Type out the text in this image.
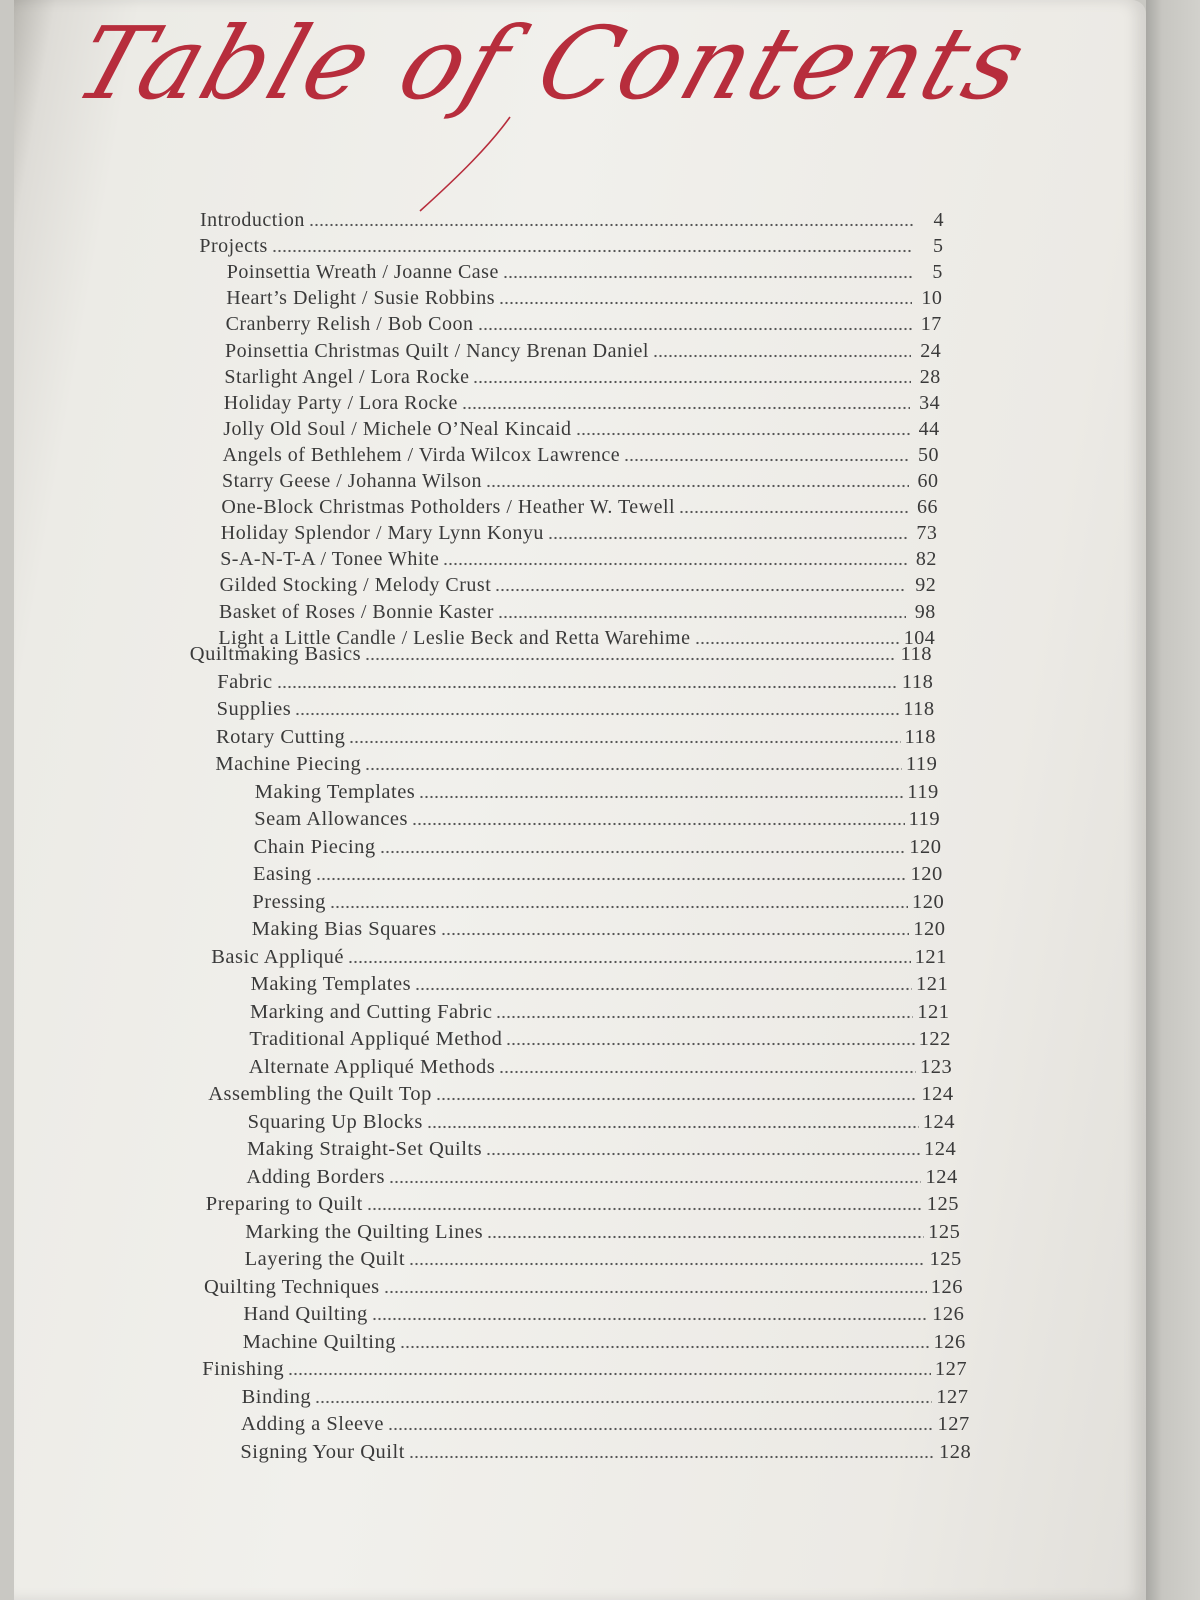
Table of Contents
Introduction	4
Projects	5
Poinsettia Wreath / Joanne Case	5
Heart’s Delight / Susie Robbins	10
Cranberry Relish / Bob Coon	17
Poinsettia Christmas Quilt / Nancy Brenan Daniel	24
Starlight Angel / Lora Rocke	28
Holiday Party / Lora Rocke	34
Jolly Old Soul / Michele O’Neal Kincaid	44
Angels of Bethlehem / Virda Wilcox Lawrence	50
Starry Geese / Johanna Wilson	60
One-Block Christmas Potholders / Heather W. Tewell	66
Holiday Splendor / Mary Lynn Konyu	73
S-A-N-T-A / Tonee White	82
Gilded Stocking / Melody Crust	92
Basket of Roses / Bonnie Kaster	98
Light a Little Candle / Leslie Beck and Retta Warehime	104
Quiltmaking Basics	118
Fabric	118
Supplies	118
Rotary Cutting	118
Machine Piecing	119
Making Templates	119
Seam Allowances	119
Chain Piecing	120
Easing	120
Pressing	120
Making Bias Squares	120
Basic Appliqué	121
Making Templates	121
Marking and Cutting Fabric	121
Traditional Appliqué Method	122
Alternate Appliqué Methods	123
Assembling the Quilt Top	124
Squaring Up Blocks	124
Making Straight-Set Quilts	124
Adding Borders	124
Preparing to Quilt	125
Marking the Quilting Lines	125
Layering the Quilt	125
Quilting Techniques	126
Hand Quilting	126
Machine Quilting	126
Finishing	127
Binding	127
Adding a Sleeve	127
Signing Your Quilt	128
